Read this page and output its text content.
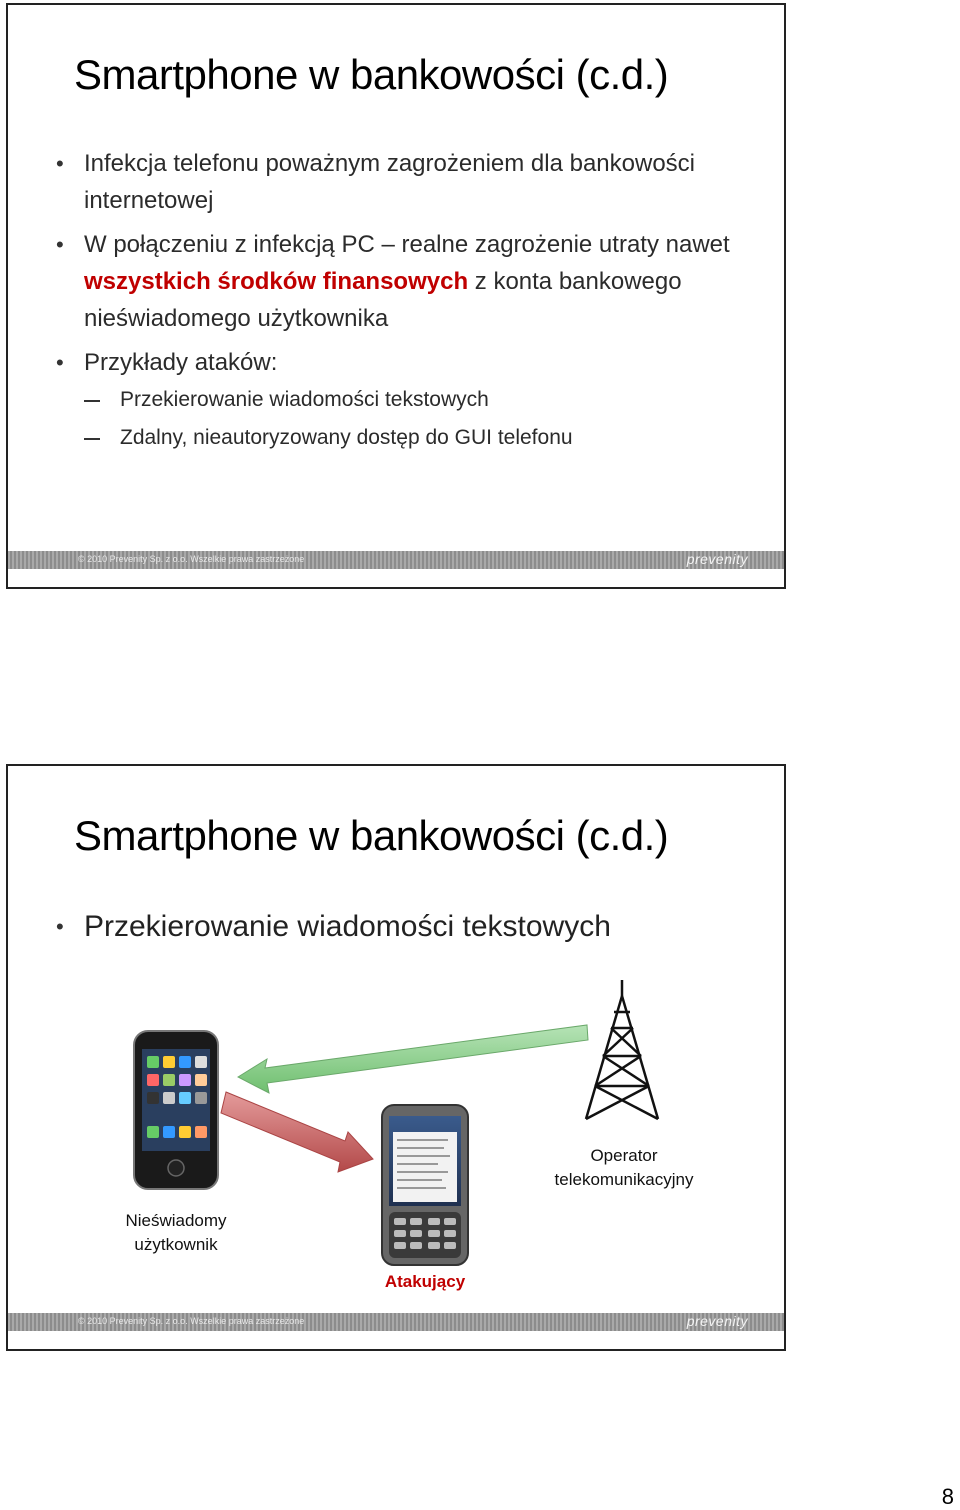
Smartphone w bankowości (c.d.)
• Infekcja telefonu poważnym zagrożeniem dla bankowości internetowej
• W połączeniu z infekcją PC – realne zagrożenie utraty nawet wszystkich środków finansowych z konta bankowego nieświadomego użytkownika
• Przykłady ataków:
Przekierowanie wiadomości tekstowych
Zdalny, nieautoryzowany dostęp do GUI telefonu
© 2010 Prevenity Sp. z o.o. Wszelkie prawa zastrzeżone	prevenity
Smartphone w bankowości (c.d.)
• Przekierowanie wiadomości tekstowych
Operator
telekomunikacyjny
Nieświadomy
użytkownik
Atakujący
© 2010 Prevenity Sp. z o.o. Wszelkie prawa zastrzeżone	prevenity
8
